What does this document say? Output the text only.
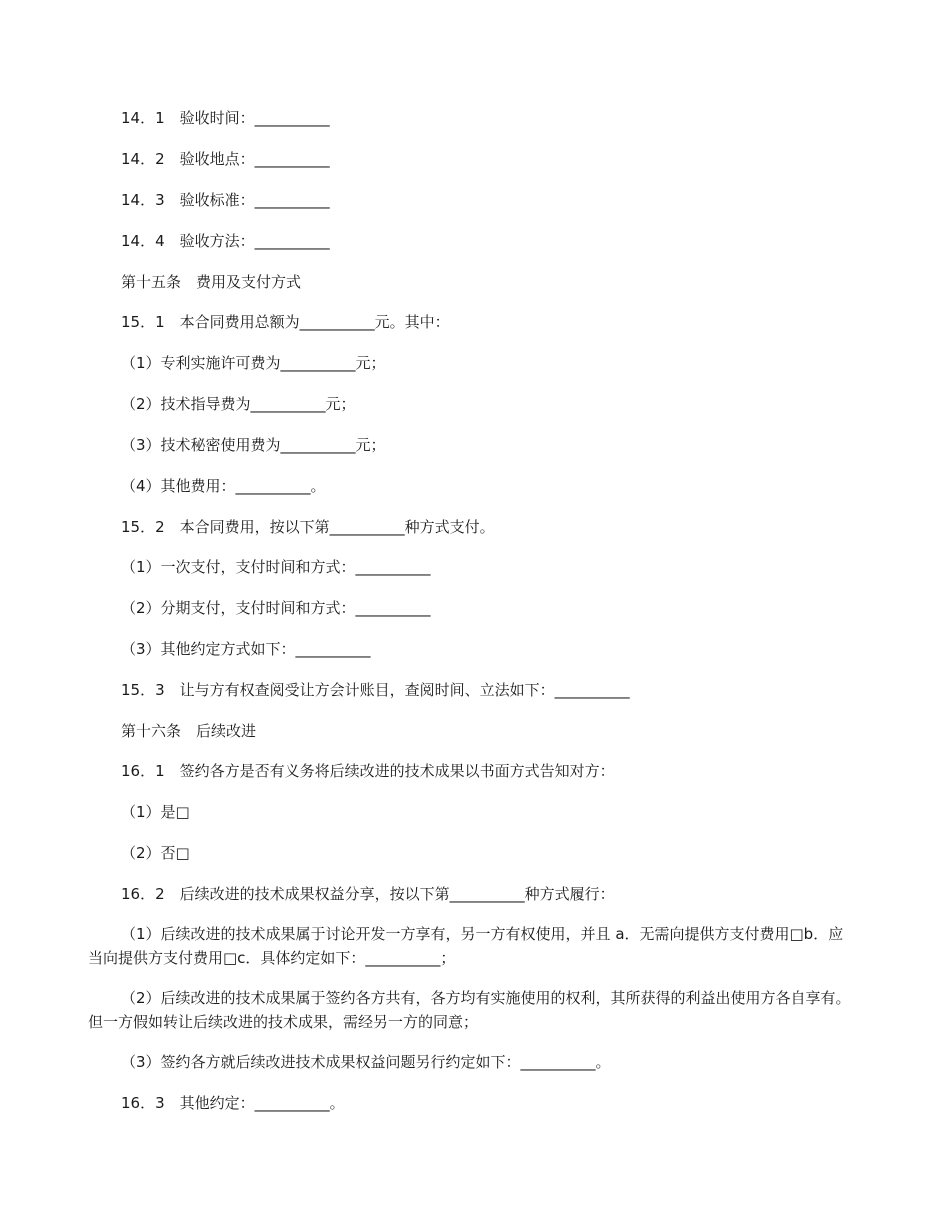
14．1　验收时间：__________
14．2　验收地点：__________
14．3　验收标准：__________
14．4　验收方法：__________
第十五条　费用及支付方式
15．1　本合同费用总额为__________元。其中：
（1）专利实施许可费为__________元；
（2）技术指导费为__________元；
（3）技术秘密使用费为__________元；
（4）其他费用：__________。
15．2　本合同费用，按以下第__________种方式支付。
（1）一次支付，支付时间和方式：__________
（2）分期支付，支付时间和方式：__________
（3）其他约定方式如下：__________
15．3　让与方有权查阅受让方会计账目，查阅时间、立法如下：__________
第十六条　后续改进
16．1　签约各方是否有义务将后续改进的技术成果以书面方式告知对方：
（1）是□
（2）否□
16．2　后续改进的技术成果权益分享，按以下第__________种方式履行：
（1）后续改进的技术成果属于讨论开发一方享有，另一方有权使用，并且 a．无需向提供方支付费用□b．应当向提供方支付费用□c．具体约定如下：__________；
（2）后续改进的技术成果属于签约各方共有，各方均有实施使用的权利，其所获得的利益出使用方各自享有。但一方假如转让后续改进的技术成果，需经另一方的同意；
（3）签约各方就后续改进技术成果权益问题另行约定如下：__________。
16．3　其他约定：__________。
